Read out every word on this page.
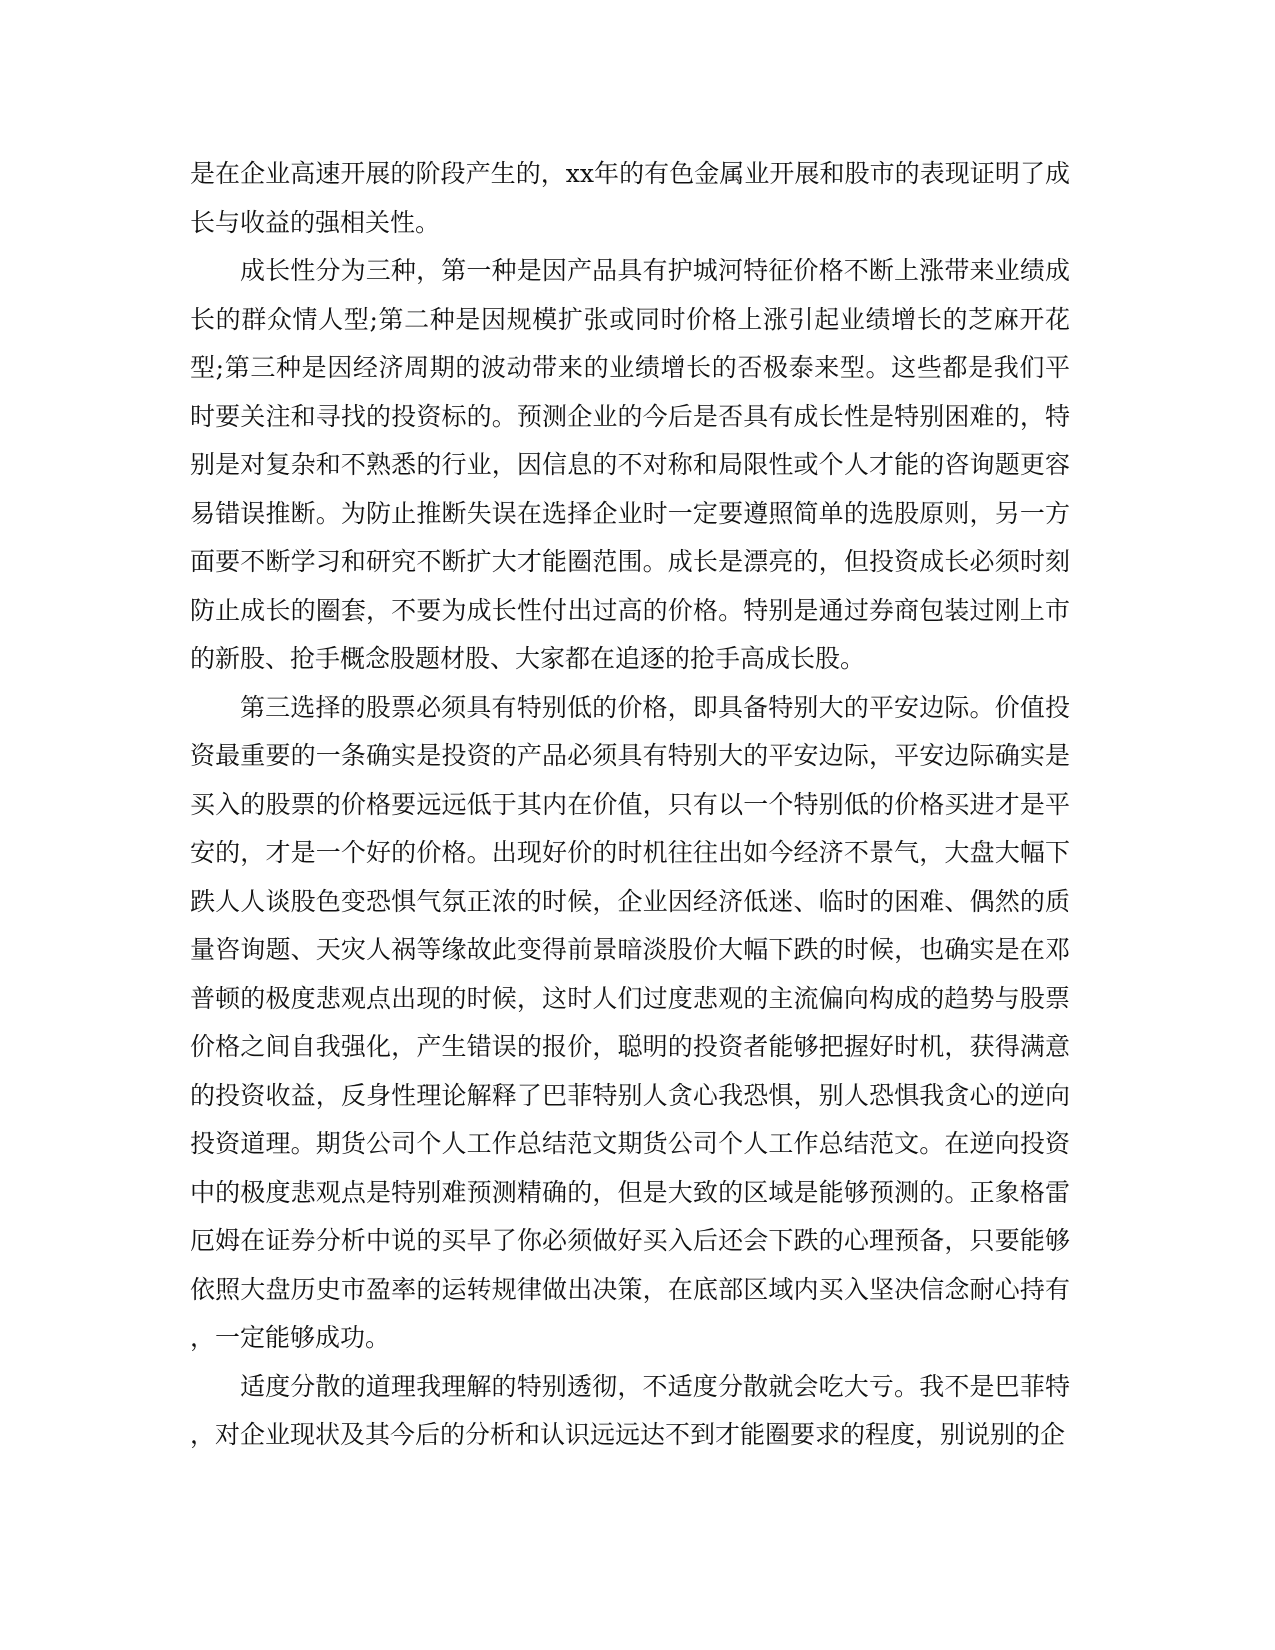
是在企业高速开展的阶段产生的，xx年的有色金属业开展和股市的表现证明了成长与收益的强相关性。

成长性分为三种，第一种是因产品具有护城河特征价格不断上涨带来业绩成长的群众情人型;第二种是因规模扩张或同时价格上涨引起业绩增长的芝麻开花型;第三种是因经济周期的波动带来的业绩增长的否极泰来型。这些都是我们平时要关注和寻找的投资标的。预测企业的今后是否具有成长性是特别困难的，特别是对复杂和不熟悉的行业，因信息的不对称和局限性或个人才能的咨询题更容易错误推断。为防止推断失误在选择企业时一定要遵照简单的选股原则，另一方面要不断学习和研究不断扩大才能圈范围。成长是漂亮的，但投资成长必须时刻防止成长的圈套，不要为成长性付出过高的价格。特别是通过券商包装过刚上市的新股、抢手概念股题材股、大家都在追逐的抢手高成长股。

第三选择的股票必须具有特别低的价格，即具备特别大的平安边际。价值投资最重要的一条确实是投资的产品必须具有特别大的平安边际，平安边际确实是买入的股票的价格要远远低于其内在价值，只有以一个特别低的价格买进才是平安的，才是一个好的价格。出现好价的时机往往出如今经济不景气，大盘大幅下跌人人谈股色变恐惧气氛正浓的时候，企业因经济低迷、临时的困难、偶然的质量咨询题、天灾人祸等缘故此变得前景暗淡股价大幅下跌的时候，也确实是在邓普顿的极度悲观点出现的时候，这时人们过度悲观的主流偏向构成的趋势与股票价格之间自我强化，产生错误的报价，聪明的投资者能够把握好时机，获得满意的投资收益，反身性理论解释了巴菲特别人贪心我恐惧，别人恐惧我贪心的逆向投资道理。期货公司个人工作总结范文期货公司个人工作总结范文。在逆向投资中的极度悲观点是特别难预测精确的，但是大致的区域是能够预测的。正象格雷厄姆在证券分析中说的买早了你必须做好买入后还会下跌的心理预备，只要能够依照大盘历史市盈率的运转规律做出决策，在底部区域内买入坚决信念耐心持有，一定能够成功。

适度分散的道理我理解的特别透彻，不适度分散就会吃大亏。我不是巴菲特，对企业现状及其今后的分析和认识远远达不到才能圈要求的程度，别说别的企
